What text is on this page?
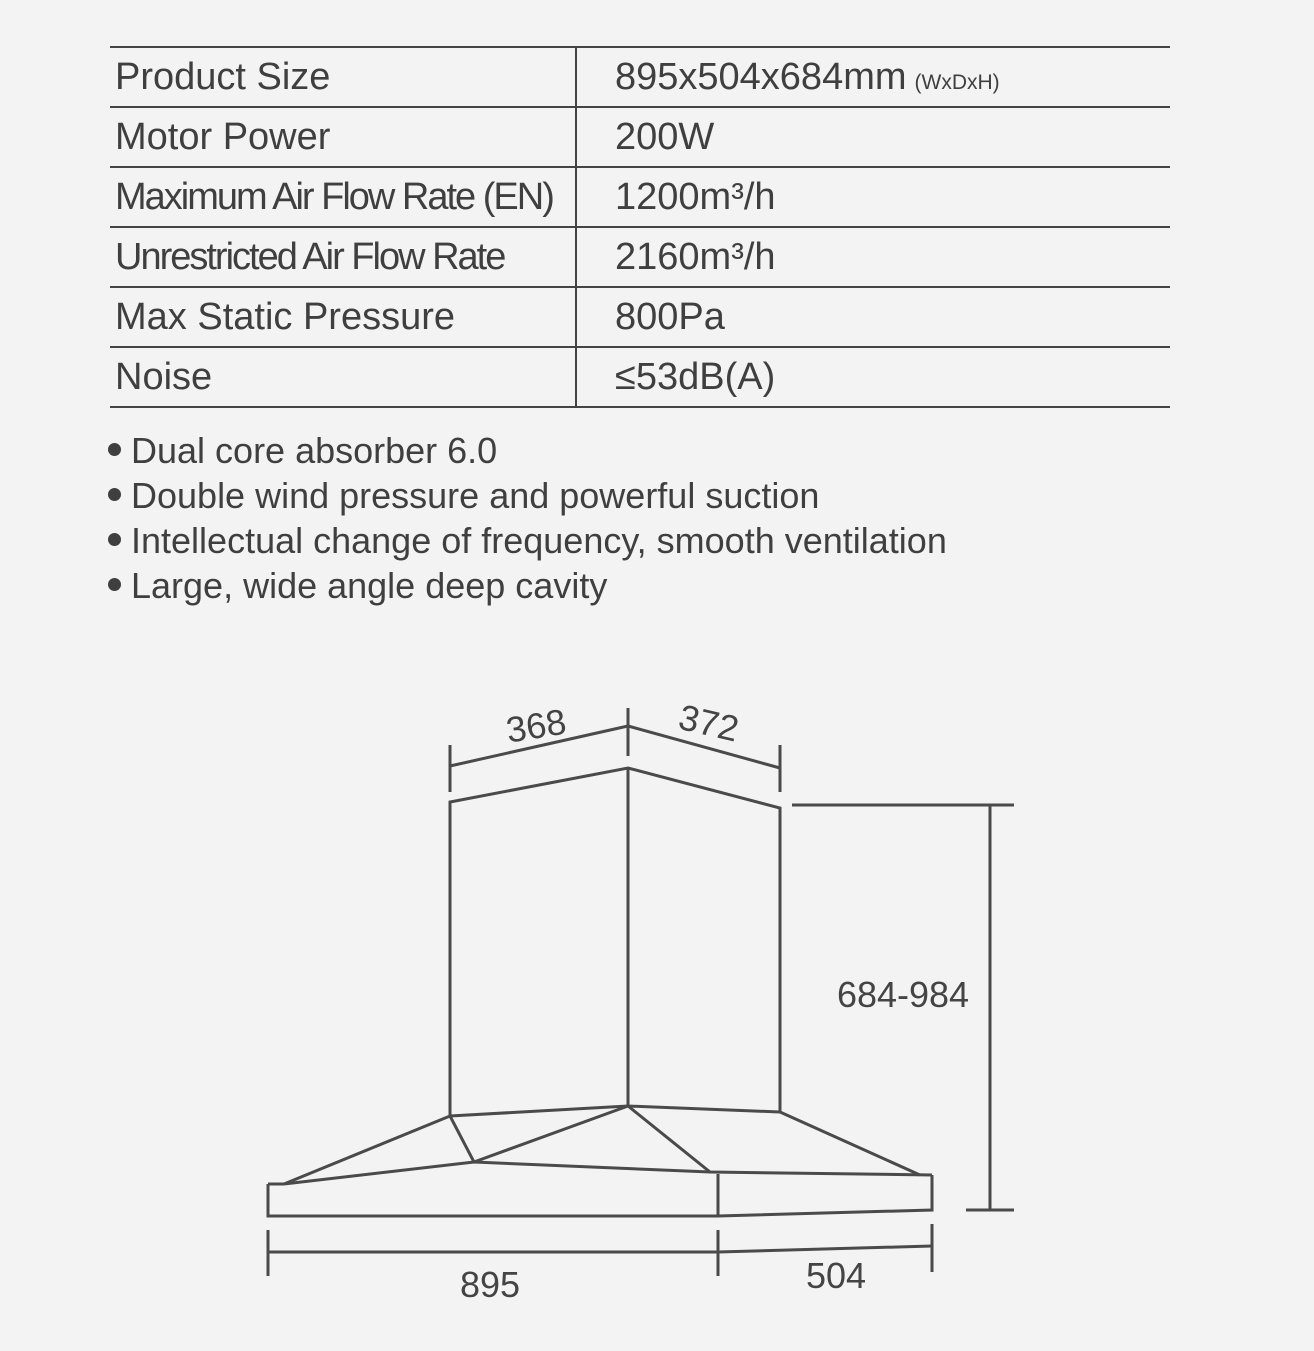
Product Size	895x504x684mm (WxDxH)
Motor Power	200W
Maximum Air Flow Rate (EN)	1200m³/h
Unrestricted Air Flow Rate	2160m³/h
Max Static Pressure	800Pa
Noise	≤53dB(A)
Dual core absorber 6.0
Double wind pressure and powerful suction
Intellectual change of frequency, smooth ventilation
Large, wide angle deep cavity
368	372
684-984
895	504
